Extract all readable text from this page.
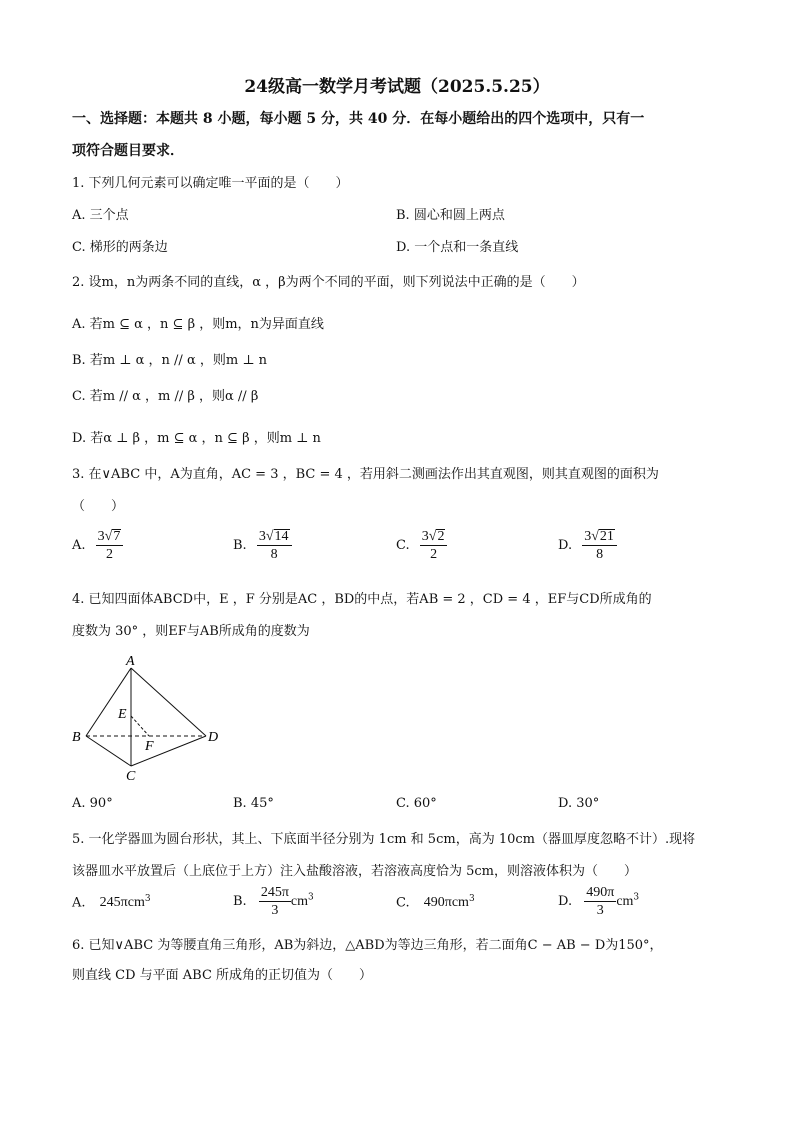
24级高一数学月考试题（2025.5.25）
一、选择题：本题共 8 小题，每小题 5 分，共 40 分．在每小题给出的四个选项中，只有一
项符合题目要求．
1. 下列几何元素可以确定唯一平面的是（　　）
A. 三个点	B. 圆心和圆上两点
C. 梯形的两条边	D. 一个点和一条直线
2. 设m，n为两条不同的直线，α ，β为两个不同的平面，则下列说法中正确的是（　　）
A. 若m ⊆ α ，n ⊆ β ，则m，n为异面直线
B. 若m ⊥ α ，n // α ，则m ⊥ n
C. 若m // α ，m // β ，则α // β
D. 若α ⊥ β ，m ⊆ α ，n ⊆ β ，则m ⊥ n
3. 在∨ABC 中，A为直角，AC = 3 ，BC = 4 ，若用斜二测画法作出其直观图，则其直观图的面积为
（　　）
A. $\frac{3√7}{2}$	B. $\frac{3√14}{8}$	C. $\frac{3√2}{2}$	D. $\frac{3√21}{8}$
4. 已知四面体ABCD中，E ，F 分别是AC ，BD的中点，若AB = 2 ，CD = 4 ，EF与CD所成角的
度数为 30° ，则EF与AB所成角的度数为
A
B
C
D
E
F
A. 90°	B. 45°	C. 60°	D. 30°
5. 一化学器皿为圆台形状，其上、下底面半径分别为 1cm 和 5cm，高为 10cm（器皿厚度忽略不计）.现将
该器皿水平放置后（上底位于上方）注入盐酸溶液，若溶液高度恰为 5cm，则溶液体积为（　　）
A. 245πcm$^3$	B. $\frac{245\pi}{3} cm^3$	C. 490πcm$^3$	D. $\frac{490\pi}{3} cm^3$
6. 已知∨ABC 为等腰直角三角形，AB为斜边，△ABD为等边三角形，若二面角C − AB − D为150°，
则直线 CD 与平面 ABC 所成角的正切值为（　　）
